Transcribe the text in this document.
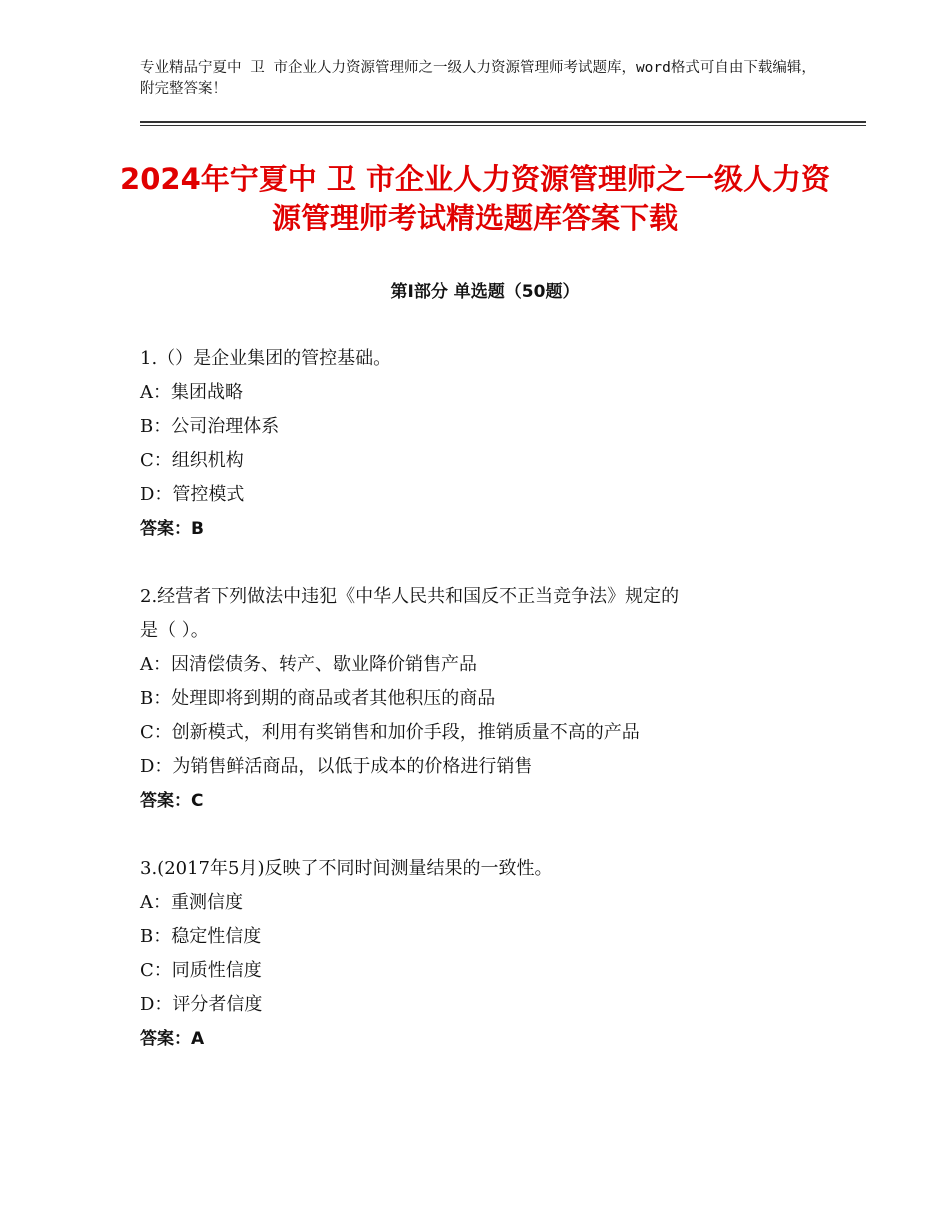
专业精品宁夏中 卫 市企业人力资源管理师之一级人力资源管理师考试题库，word格式可自由下载编辑，附完整答案！
2024年宁夏中 卫 市企业人力资源管理师之一级人力资源管理师考试精选题库答案下载
第Ⅰ部分 单选题（50题）
1.（）是企业集团的管控基础。
A：集团战略
B：公司治理体系
C：组织机构
D：管控模式
答案：B
2.经营者下列做法中违犯《中华人民共和国反不正当竞争法》规定的
是（ ）。
A：因清偿债务、转产、歇业降价销售产品
B：处理即将到期的商品或者其他积压的商品
C：创新模式，利用有奖销售和加价手段，推销质量不高的产品
D：为销售鲜活商品，以低于成本的价格进行销售
答案：C
3.(2017年5月)反映了不同时间测量结果的一致性。
A：重测信度
B：稳定性信度
C：同质性信度
D：评分者信度
答案：A
